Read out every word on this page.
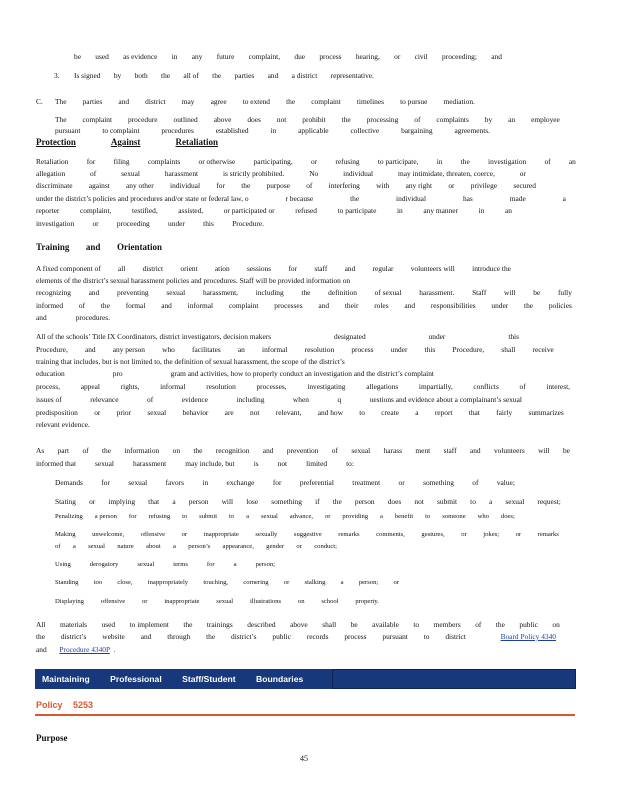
be used as evidence in any future complaint, due process hearing, or civil proceeding; and
3. Is signed by both the all of the parties and a district representative.
C. The parties and district may agree to extend the complaint timelines to pursue mediation.
The complaint procedure outlined above does not prohibit the processing of complaints by an employee
pursuant	to complaint	procedures	established	in	applicable	collective	bargaining	agreements.
Protection	Against	Retaliation
Retaliation for filing complaints or otherwise participating, or refusing to participate, in the investigation of an
allegation	of	sexual	harassment	is strictly prohibited.	No	individual	may intimidate, threaten, coerce,	or
discriminate against any other individual for the purpose of interfering with any right or privilege secured
under the district’s policies and procedures and/or state or federal law, o	r because	the	individual	has	made	a
reporter	complaint,	testified,	assisted,	or participated or	refused	to participate	in	any manner	in	an
investigation or proceeding under this Procedure.
Training and Orientation
A fixed component of all district orient ation sessions for staff and regular volunteers will introduce the
elements of the district’s sexual harassment policies and procedures. Staff will be provided information on
recognizing and preventing sexual harassment, including the definition of sexual harassment. Staff will be fully
informed of the formal and informal complaint processes and their roles and responsibilities under the policies
and	procedures.
All of the schools’ Title IX Coordinators, district investigators, decision makers	designated	under	this
Procedure, and any person who facilitates an informal resolution process under this Procedure, shall receive
training that includes, but is not limited to, the definition of sexual harassment, the scope of the district’s
education	pro	gram and activities, how to properly conduct an investigation and the district’s complaint
process,	appeal	rights,	informal	resolution	processes,	investigating	allegations	impartially,	conflicts	of	interest,
issues of	relevance	of	evidence	including	when	q	uestions and evidence about a complainant’s sexual
predisposition or prior sexual behavior are not relevant, and how to create a report that fairly summarizes
relevant evidence.
As part of the information on the recognition and prevention of sexual harass ment staff and volunteers will be
informed that	sexual	harassment	may include, but	is	not	limited	to:
Demands for sexual favors in exchange for preferential treatment or something of value;
Stating or implying that a person will lose something if the person does not submit to a sexual request;
Penalizing a person for refusing to submit to a sexual advance, or providing a benefit to someone who does;
Making	unwelcome,	offensive	or	inappropriate	sexually	suggestive	remarks	comments,	gestures,	or	jokes;	or	remarks
of a sexual nature about a person’s appearance, gender or conduct;
Using	derogatory	sexual	terms	for	a	person;
Standing too close, inappropriately touching, cornering or stalking a person; or
Displaying	offensive	or	inappropriate	sexual	illustrations	on	school	property.
All materials used to implement the trainings described above shall be available to members of the public on
the district’s website and through the district’s public records process pursuant to district	Board Policy 4340
and Procedure 4340P .
Maintaining Professional Staff/Student Boundaries
Policy 5253
Purpose
45
